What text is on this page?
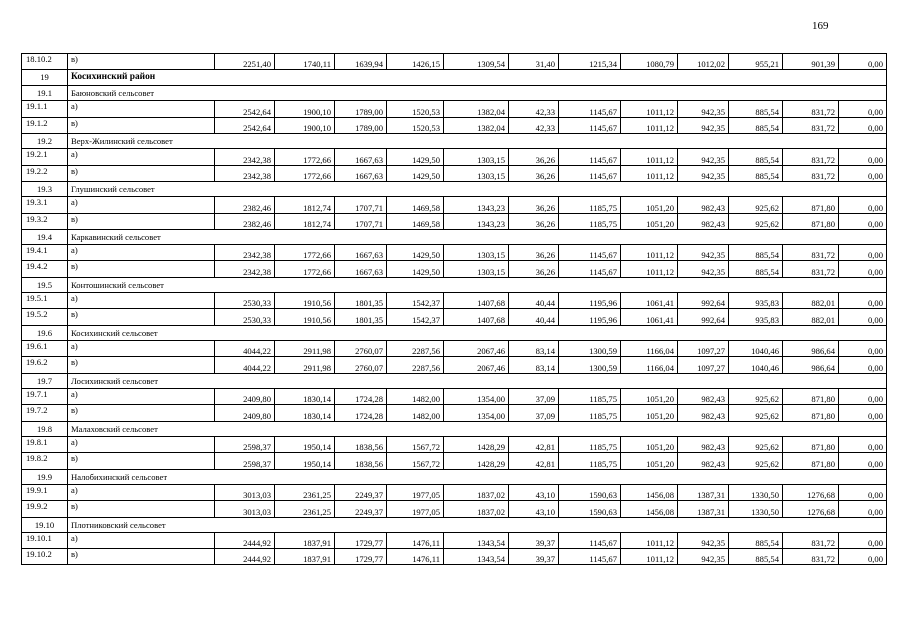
169
18.10.2	в)	2251,40	1740,11	1639,94	1426,15	1309,54	31,40	1215,34	1080,79	1012,02	955,21	901,39	0,00
19	Косихинский район												
19.1	Баюновский сельсовет												
19.1.1	а)	2542,64	1900,10	1789,00	1520,53	1382,04	42,33	1145,67	1011,12	942,35	885,54	831,72	0,00
19.1.2	в)	2542,64	1900,10	1789,00	1520,53	1382,04	42,33	1145,67	1011,12	942,35	885,54	831,72	0,00
19.2	Верх-Жилинский сельсовет												
19.2.1	а)	2342,38	1772,66	1667,63	1429,50	1303,15	36,26	1145,67	1011,12	942,35	885,54	831,72	0,00
19.2.2	в)	2342,38	1772,66	1667,63	1429,50	1303,15	36,26	1145,67	1011,12	942,35	885,54	831,72	0,00
19.3	Глушинский сельсовет												
19.3.1	а)	2382,46	1812,74	1707,71	1469,58	1343,23	36,26	1185,75	1051,20	982,43	925,62	871,80	0,00
19.3.2	в)	2382,46	1812,74	1707,71	1469,58	1343,23	36,26	1185,75	1051,20	982,43	925,62	871,80	0,00
19.4	Каркавинский сельсовет												
19.4.1	а)	2342,38	1772,66	1667,63	1429,50	1303,15	36,26	1145,67	1011,12	942,35	885,54	831,72	0,00
19.4.2	в)	2342,38	1772,66	1667,63	1429,50	1303,15	36,26	1145,67	1011,12	942,35	885,54	831,72	0,00
19.5	Контошинский сельсовет												
19.5.1	а)	2530,33	1910,56	1801,35	1542,37	1407,68	40,44	1195,96	1061,41	992,64	935,83	882,01	0,00
19.5.2	в)	2530,33	1910,56	1801,35	1542,37	1407,68	40,44	1195,96	1061,41	992,64	935,83	882,01	0,00
19.6	Косихинский сельсовет												
19.6.1	а)	4044,22	2911,98	2760,07	2287,56	2067,46	83,14	1300,59	1166,04	1097,27	1040,46	986,64	0,00
19.6.2	в)	4044,22	2911,98	2760,07	2287,56	2067,46	83,14	1300,59	1166,04	1097,27	1040,46	986,64	0,00
19.7	Лосихинский сельсовет												
19.7.1	а)	2409,80	1830,14	1724,28	1482,00	1354,00	37,09	1185,75	1051,20	982,43	925,62	871,80	0,00
19.7.2	в)	2409,80	1830,14	1724,28	1482,00	1354,00	37,09	1185,75	1051,20	982,43	925,62	871,80	0,00
19.8	Малаховский сельсовет												
19.8.1	а)	2598,37	1950,14	1838,56	1567,72	1428,29	42,81	1185,75	1051,20	982,43	925,62	871,80	0,00
19.8.2	в)	2598,37	1950,14	1838,56	1567,72	1428,29	42,81	1185,75	1051,20	982,43	925,62	871,80	0,00
19.9	Налобихинский сельсовет												
19.9.1	а)	3013,03	2361,25	2249,37	1977,05	1837,02	43,10	1590,63	1456,08	1387,31	1330,50	1276,68	0,00
19.9.2	в)	3013,03	2361,25	2249,37	1977,05	1837,02	43,10	1590,63	1456,08	1387,31	1330,50	1276,68	0,00
19.10	Плотниковский сельсовет												
19.10.1	а)	2444,92	1837,91	1729,77	1476,11	1343,54	39,37	1145,67	1011,12	942,35	885,54	831,72	0,00
19.10.2	в)	2444,92	1837,91	1729,77	1476,11	1343,54	39,37	1145,67	1011,12	942,35	885,54	831,72	0,00
